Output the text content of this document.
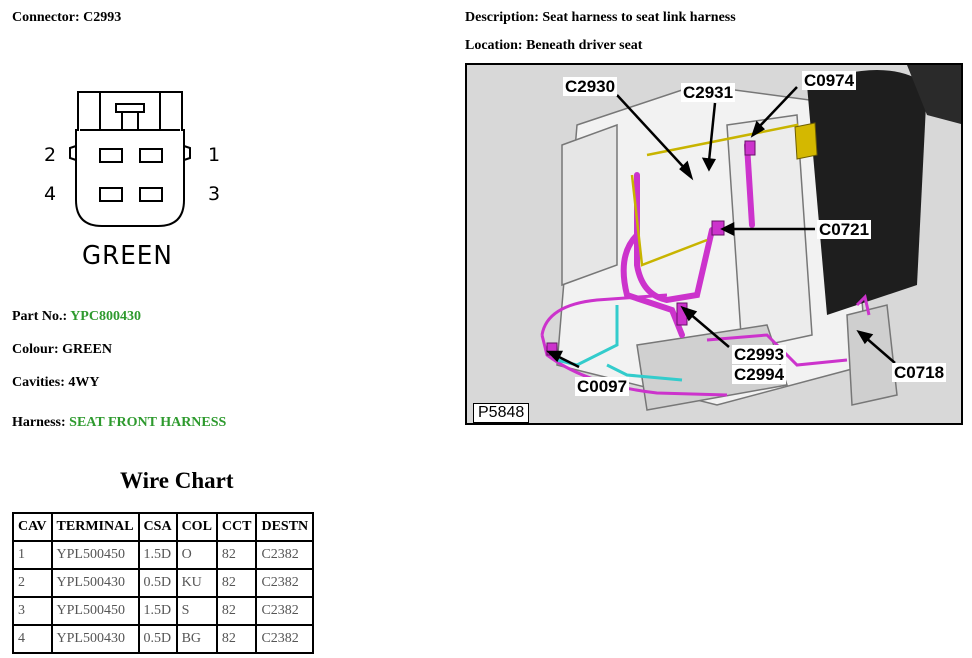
Connector: C2993
2	1
4	3
GREEN
Part No.: YPC800430
Colour: GREEN
Cavities: 4WY
Harness: SEAT FRONT HARNESS
Wire Chart
CAV	TERMINAL	CSA	COL	CCT	DESTN
1	YPL500450	1.5D	O	82	C2382
2	YPL500430	0.5D	KU	82	C2382
3	YPL500450	1.5D	S	82	C2382
4	YPL500430	0.5D	BG	82	C2382
Description: Seat harness to seat link harness
Location: Beneath driver seat
C2930	C2931
C0974
C0721
C2993
C2994
C0097
C0718
P5848
